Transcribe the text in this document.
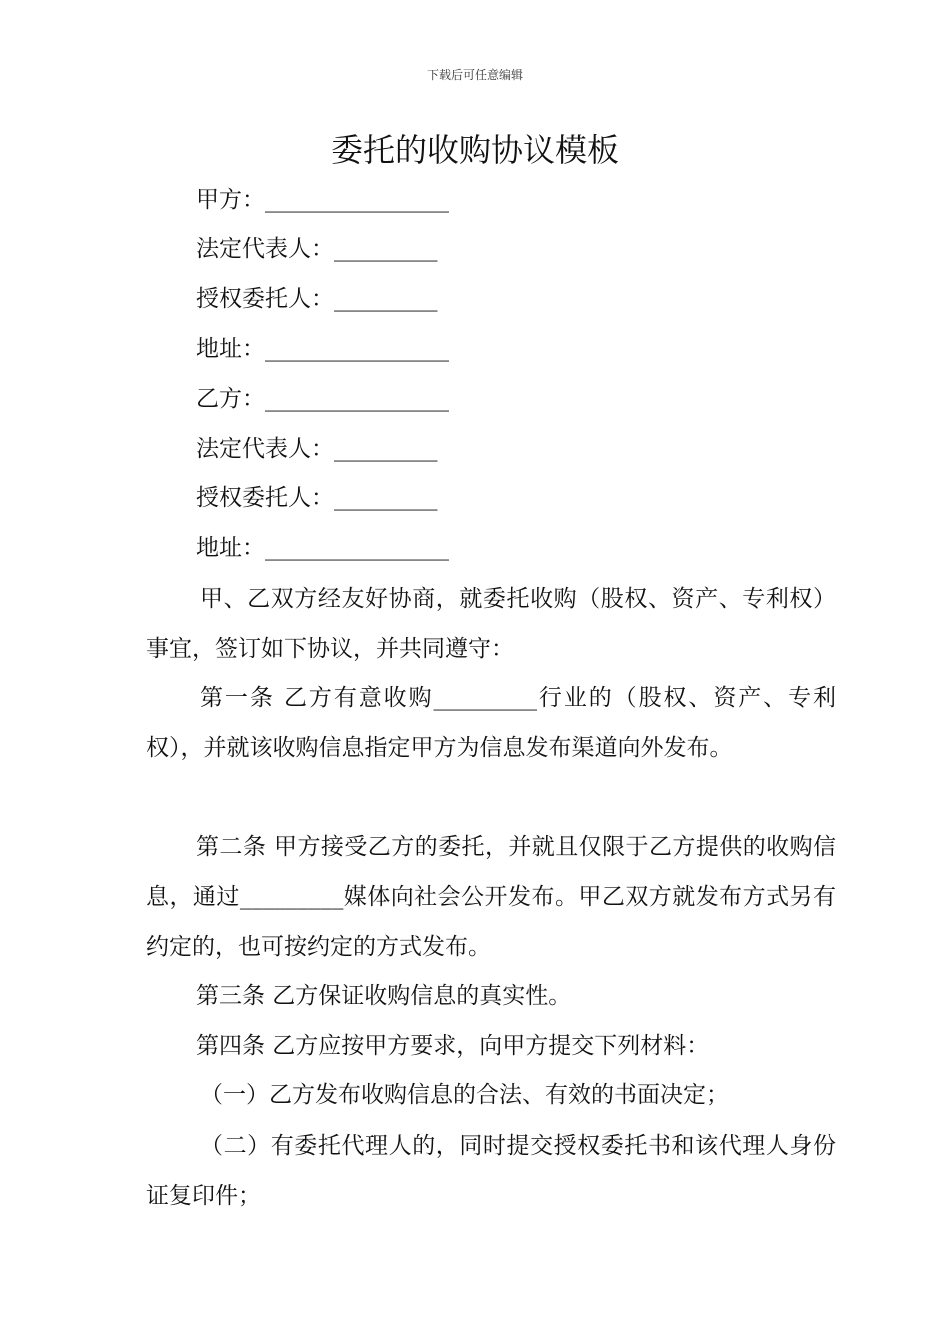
下载后可任意编辑
委托的收购协议模板
甲方：________________
法定代表人：_________
授权委托人：_________
地址：________________
乙方：________________
法定代表人：_________
授权委托人：_________
地址：________________

甲、乙双方经友好协商，就委托收购（股权、资产、专利权）事宜，签订如下协议，并共同遵守：

第一条 乙方有意收购_________行业的（股权、资产、专利权），并就该收购信息指定甲方为信息发布渠道向外发布。

第二条 甲方接受乙方的委托，并就且仅限于乙方提供的收购信息，通过_________媒体向社会公开发布。甲乙双方就发布方式另有约定的，也可按约定的方式发布。

第三条 乙方保证收购信息的真实性。
第四条 乙方应按甲方要求，向甲方提交下列材料：
（一）乙方发布收购信息的合法、有效的书面决定；

（二）有委托代理人的，同时提交授权委托书和该代理人身份证复印件；
